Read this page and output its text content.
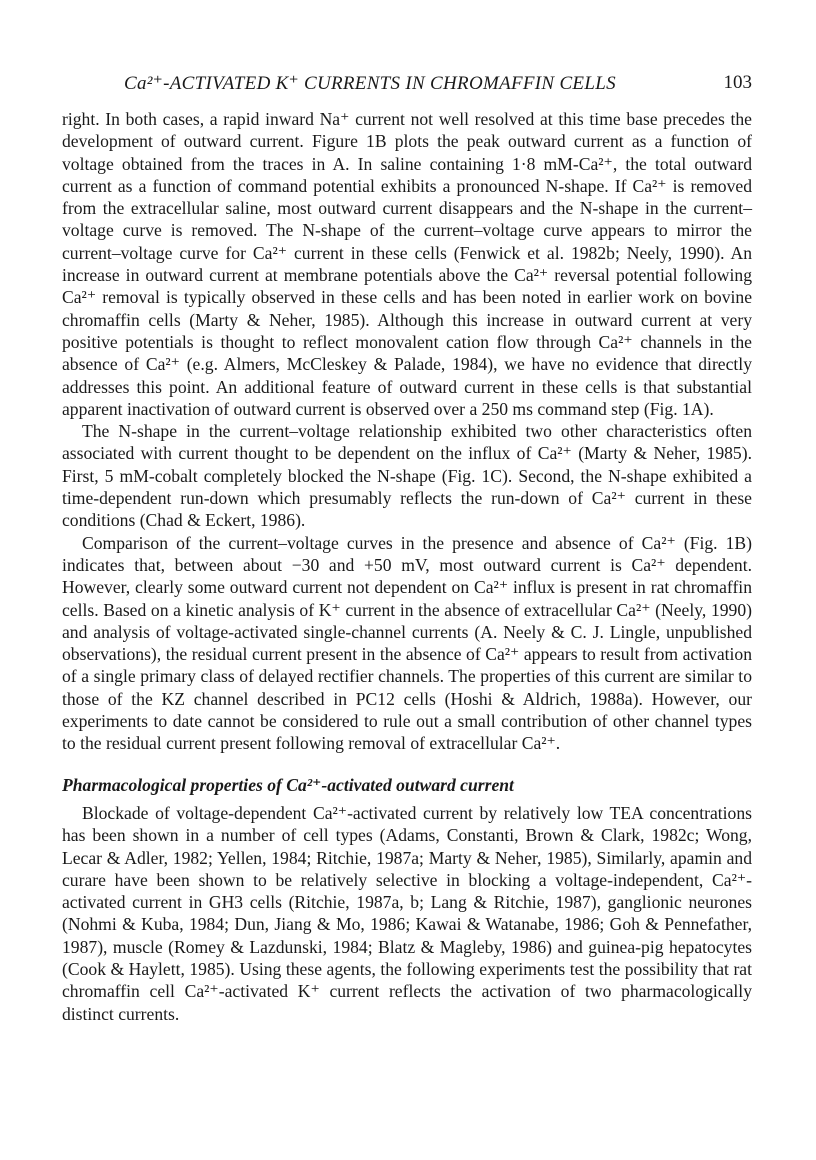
Ca²⁺-ACTIVATED K⁺ CURRENTS IN CHROMAFFIN CELLS	103

right. In both cases, a rapid inward Na⁺ current not well resolved at this time base precedes the development of outward current. Figure 1B plots the peak outward current as a function of voltage obtained from the traces in A. In saline containing 1·8 mM-Ca²⁺, the total outward current as a function of command potential exhibits a pronounced N-shape. If Ca²⁺ is removed from the extracellular saline, most outward current disappears and the N-shape in the current–voltage curve is removed. The N-shape of the current–voltage curve appears to mirror the current–voltage curve for Ca²⁺ current in these cells (Fenwick et al. 1982b; Neely, 1990). An increase in outward current at membrane potentials above the Ca²⁺ reversal potential following Ca²⁺ removal is typically observed in these cells and has been noted in earlier work on bovine chromaffin cells (Marty & Neher, 1985). Although this increase in outward current at very positive potentials is thought to reflect monovalent cation flow through Ca²⁺ channels in the absence of Ca²⁺ (e.g. Almers, McCleskey & Palade, 1984), we have no evidence that directly addresses this point. An additional feature of outward current in these cells is that substantial apparent inactivation of outward current is observed over a 250 ms command step (Fig. 1A).

The N-shape in the current–voltage relationship exhibited two other characteristics often associated with current thought to be dependent on the influx of Ca²⁺ (Marty & Neher, 1985). First, 5 mM-cobalt completely blocked the N-shape (Fig. 1C). Second, the N-shape exhibited a time-dependent run-down which presumably reflects the run-down of Ca²⁺ current in these conditions (Chad & Eckert, 1986).

Comparison of the current–voltage curves in the presence and absence of Ca²⁺ (Fig. 1B) indicates that, between about −30 and +50 mV, most outward current is Ca²⁺ dependent. However, clearly some outward current not dependent on Ca²⁺ influx is present in rat chromaffin cells. Based on a kinetic analysis of K⁺ current in the absence of extracellular Ca²⁺ (Neely, 1990) and analysis of voltage-activated single-channel currents (A. Neely & C. J. Lingle, unpublished observations), the residual current present in the absence of Ca²⁺ appears to result from activation of a single primary class of delayed rectifier channels. The properties of this current are similar to those of the KZ channel described in PC12 cells (Hoshi & Aldrich, 1988a). However, our experiments to date cannot be considered to rule out a small contribution of other channel types to the residual current present following removal of extracellular Ca²⁺.

Pharmacological properties of Ca²⁺-activated outward current

Blockade of voltage-dependent Ca²⁺-activated current by relatively low TEA concentrations has been shown in a number of cell types (Adams, Constanti, Brown & Clark, 1982c; Wong, Lecar & Adler, 1982; Yellen, 1984; Ritchie, 1987a; Marty & Neher, 1985), Similarly, apamin and curare have been shown to be relatively selective in blocking a voltage-independent, Ca²⁺-activated current in GH3 cells (Ritchie, 1987a, b; Lang & Ritchie, 1987), ganglionic neurones (Nohmi & Kuba, 1984; Dun, Jiang & Mo, 1986; Kawai & Watanabe, 1986; Goh & Pennefather, 1987), muscle (Romey & Lazdunski, 1984; Blatz & Magleby, 1986) and guinea-pig hepatocytes (Cook & Haylett, 1985). Using these agents, the following experiments test the possibility that rat chromaffin cell Ca²⁺-activated K⁺ current reflects the activation of two pharmacologically distinct currents.
